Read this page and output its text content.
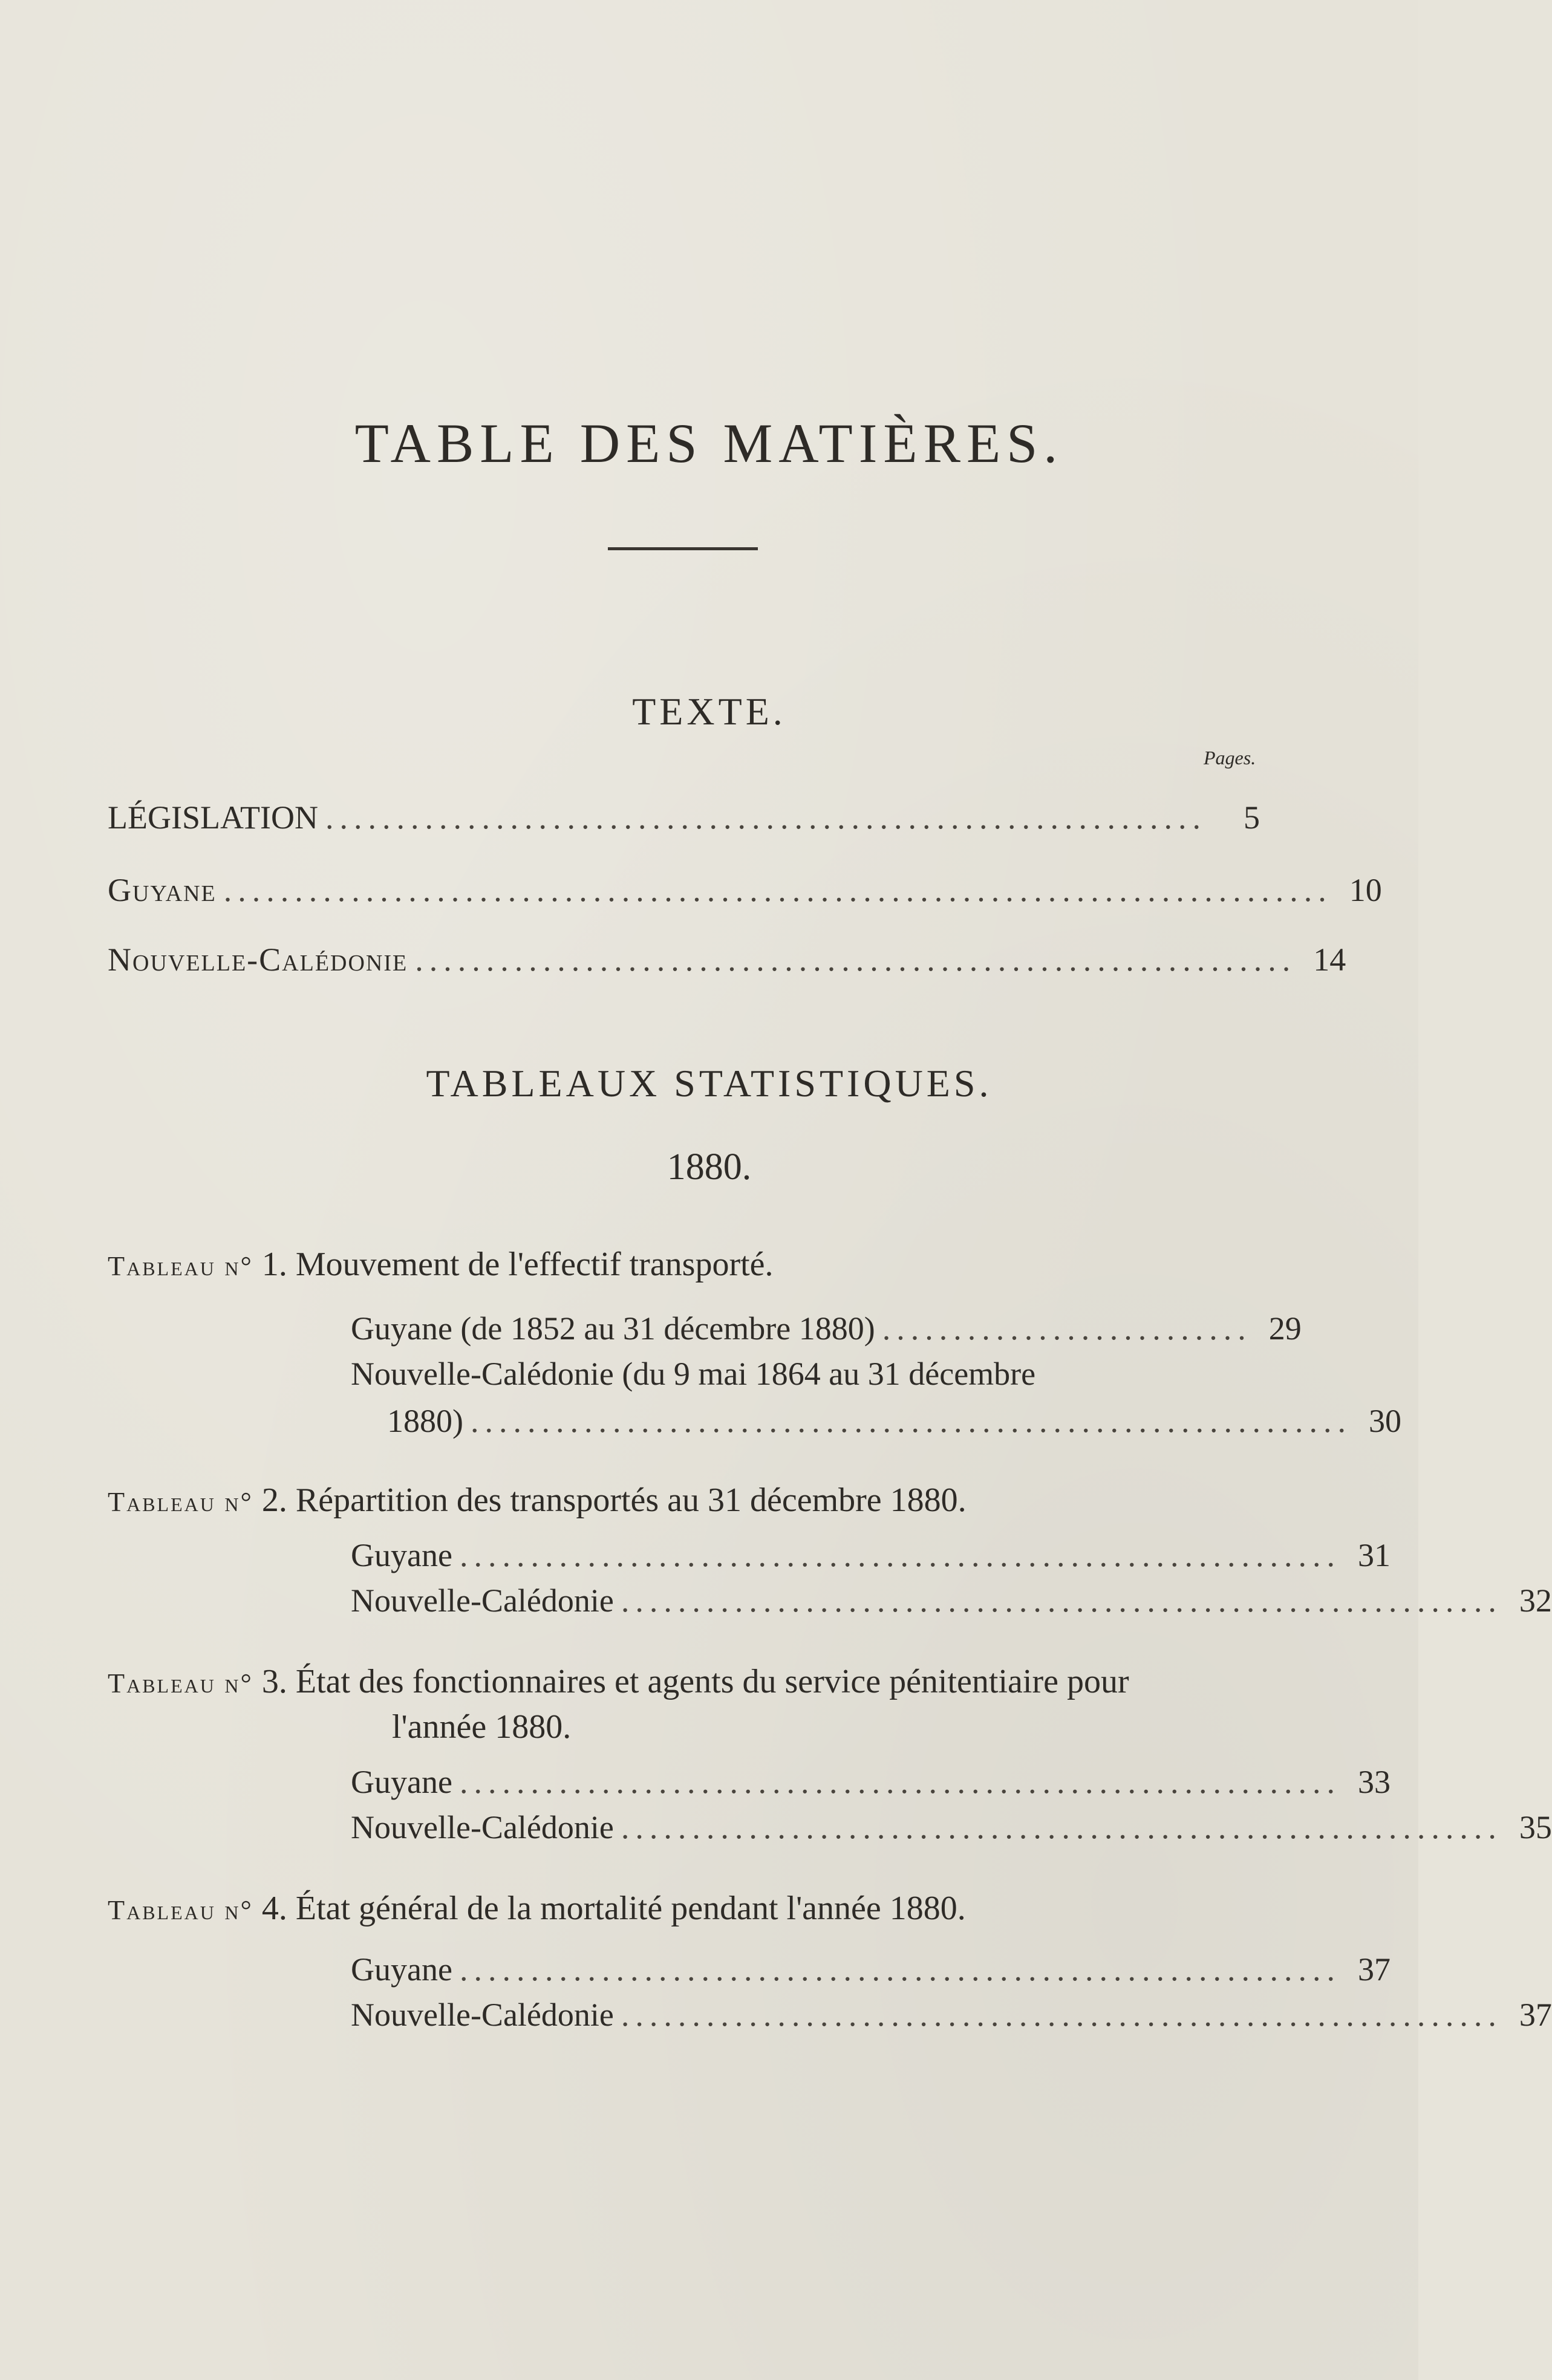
TABLE DES MATIÈRES.
TEXTE.
Pages.
LÉGISLATION ..............................................................	5
Guyane .............................................................................. 10
Nouvelle-Calédonie .............................................................. 14
TABLEAUX STATISTIQUES.
1880.
Tableau n° 1. Mouvement de l'effectif transporté.
Guyane (de 1852 au 31 décembre 1880) .......................... 29
Nouvelle-Calédonie (du 9 mai 1864 au 31 décembre
1880) .............................................................. 30
Tableau n° 2. Répartition des transportés au 31 décembre 1880.
Guyane .............................................................. 31
Nouvelle-Calédonie .............................................................. 32
Tableau n° 3. État des fonctionnaires et agents du service pénitentiaire pour
l'année 1880.
Guyane .............................................................. 33
Nouvelle-Calédonie .............................................................. 35
Tableau n° 4. État général de la mortalité pendant l'année 1880.
Guyane .............................................................. 37
Nouvelle-Calédonie .............................................................. 37
